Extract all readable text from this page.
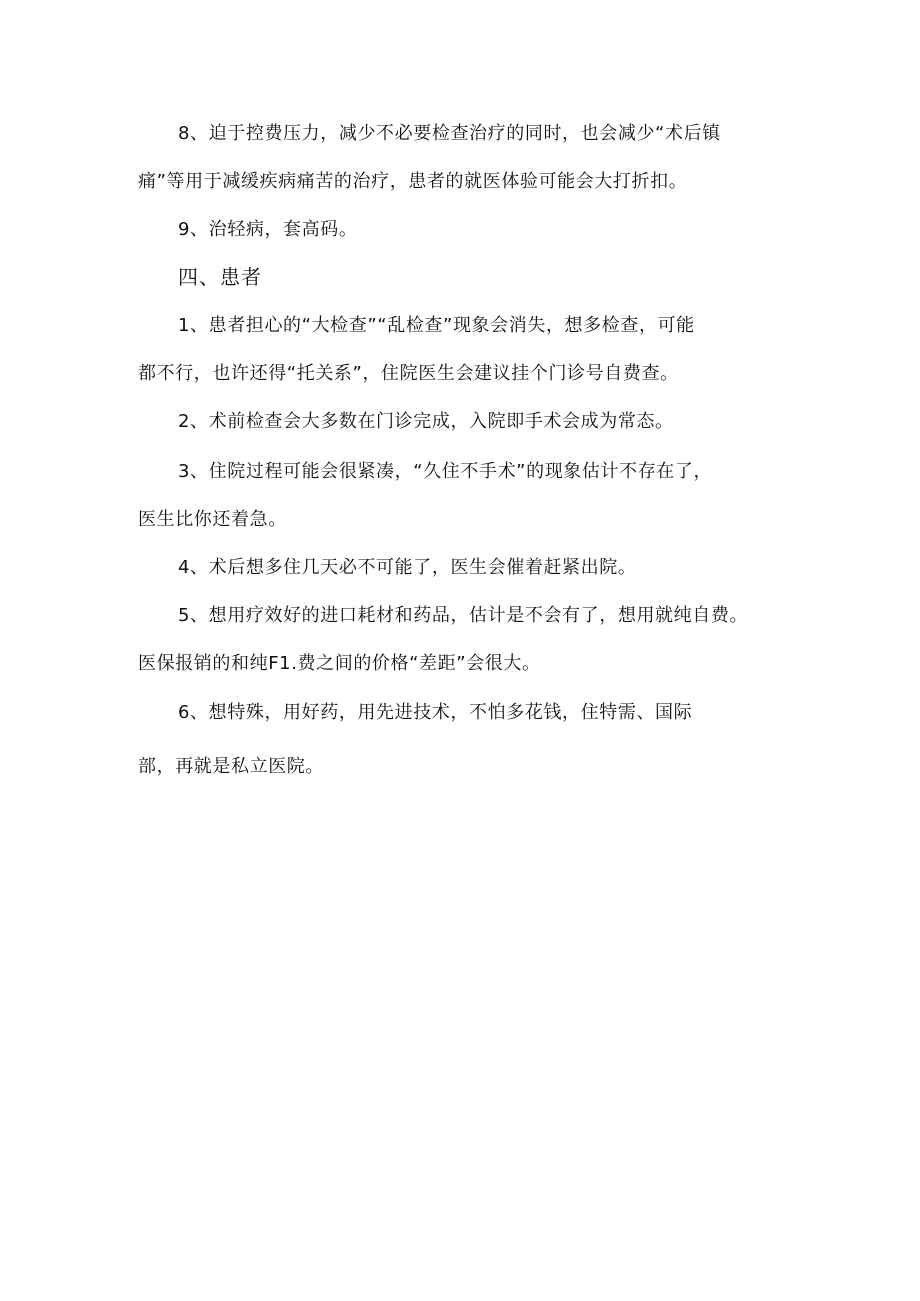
8、迫于控费压力，减少不必要检查治疗的同时，也会减少“术后镇
痛”等用于减缓疾病痛苦的治疗，患者的就医体验可能会大打折扣。
9、治轻病，套高码。
四、患者
1、患者担心的“大检查”“乱检查”现象会消失，想多检查，可能
都不行，也许还得“托关系”，住院医生会建议挂个门诊号自费查。
2、术前检查会大多数在门诊完成，入院即手术会成为常态。
3、住院过程可能会很紧凑，“久住不手术”的现象估计不存在了，
医生比你还着急。
4、术后想多住几天必不可能了，医生会催着赶紧出院。
5、想用疗效好的进口耗材和药品，估计是不会有了，想用就纯自费。
医保报销的和纯F1.费之间的价格“差距”会很大。
6、想特殊，用好药，用先进技术，不怕多花钱，住特需、国际
部，再就是私立医院。
